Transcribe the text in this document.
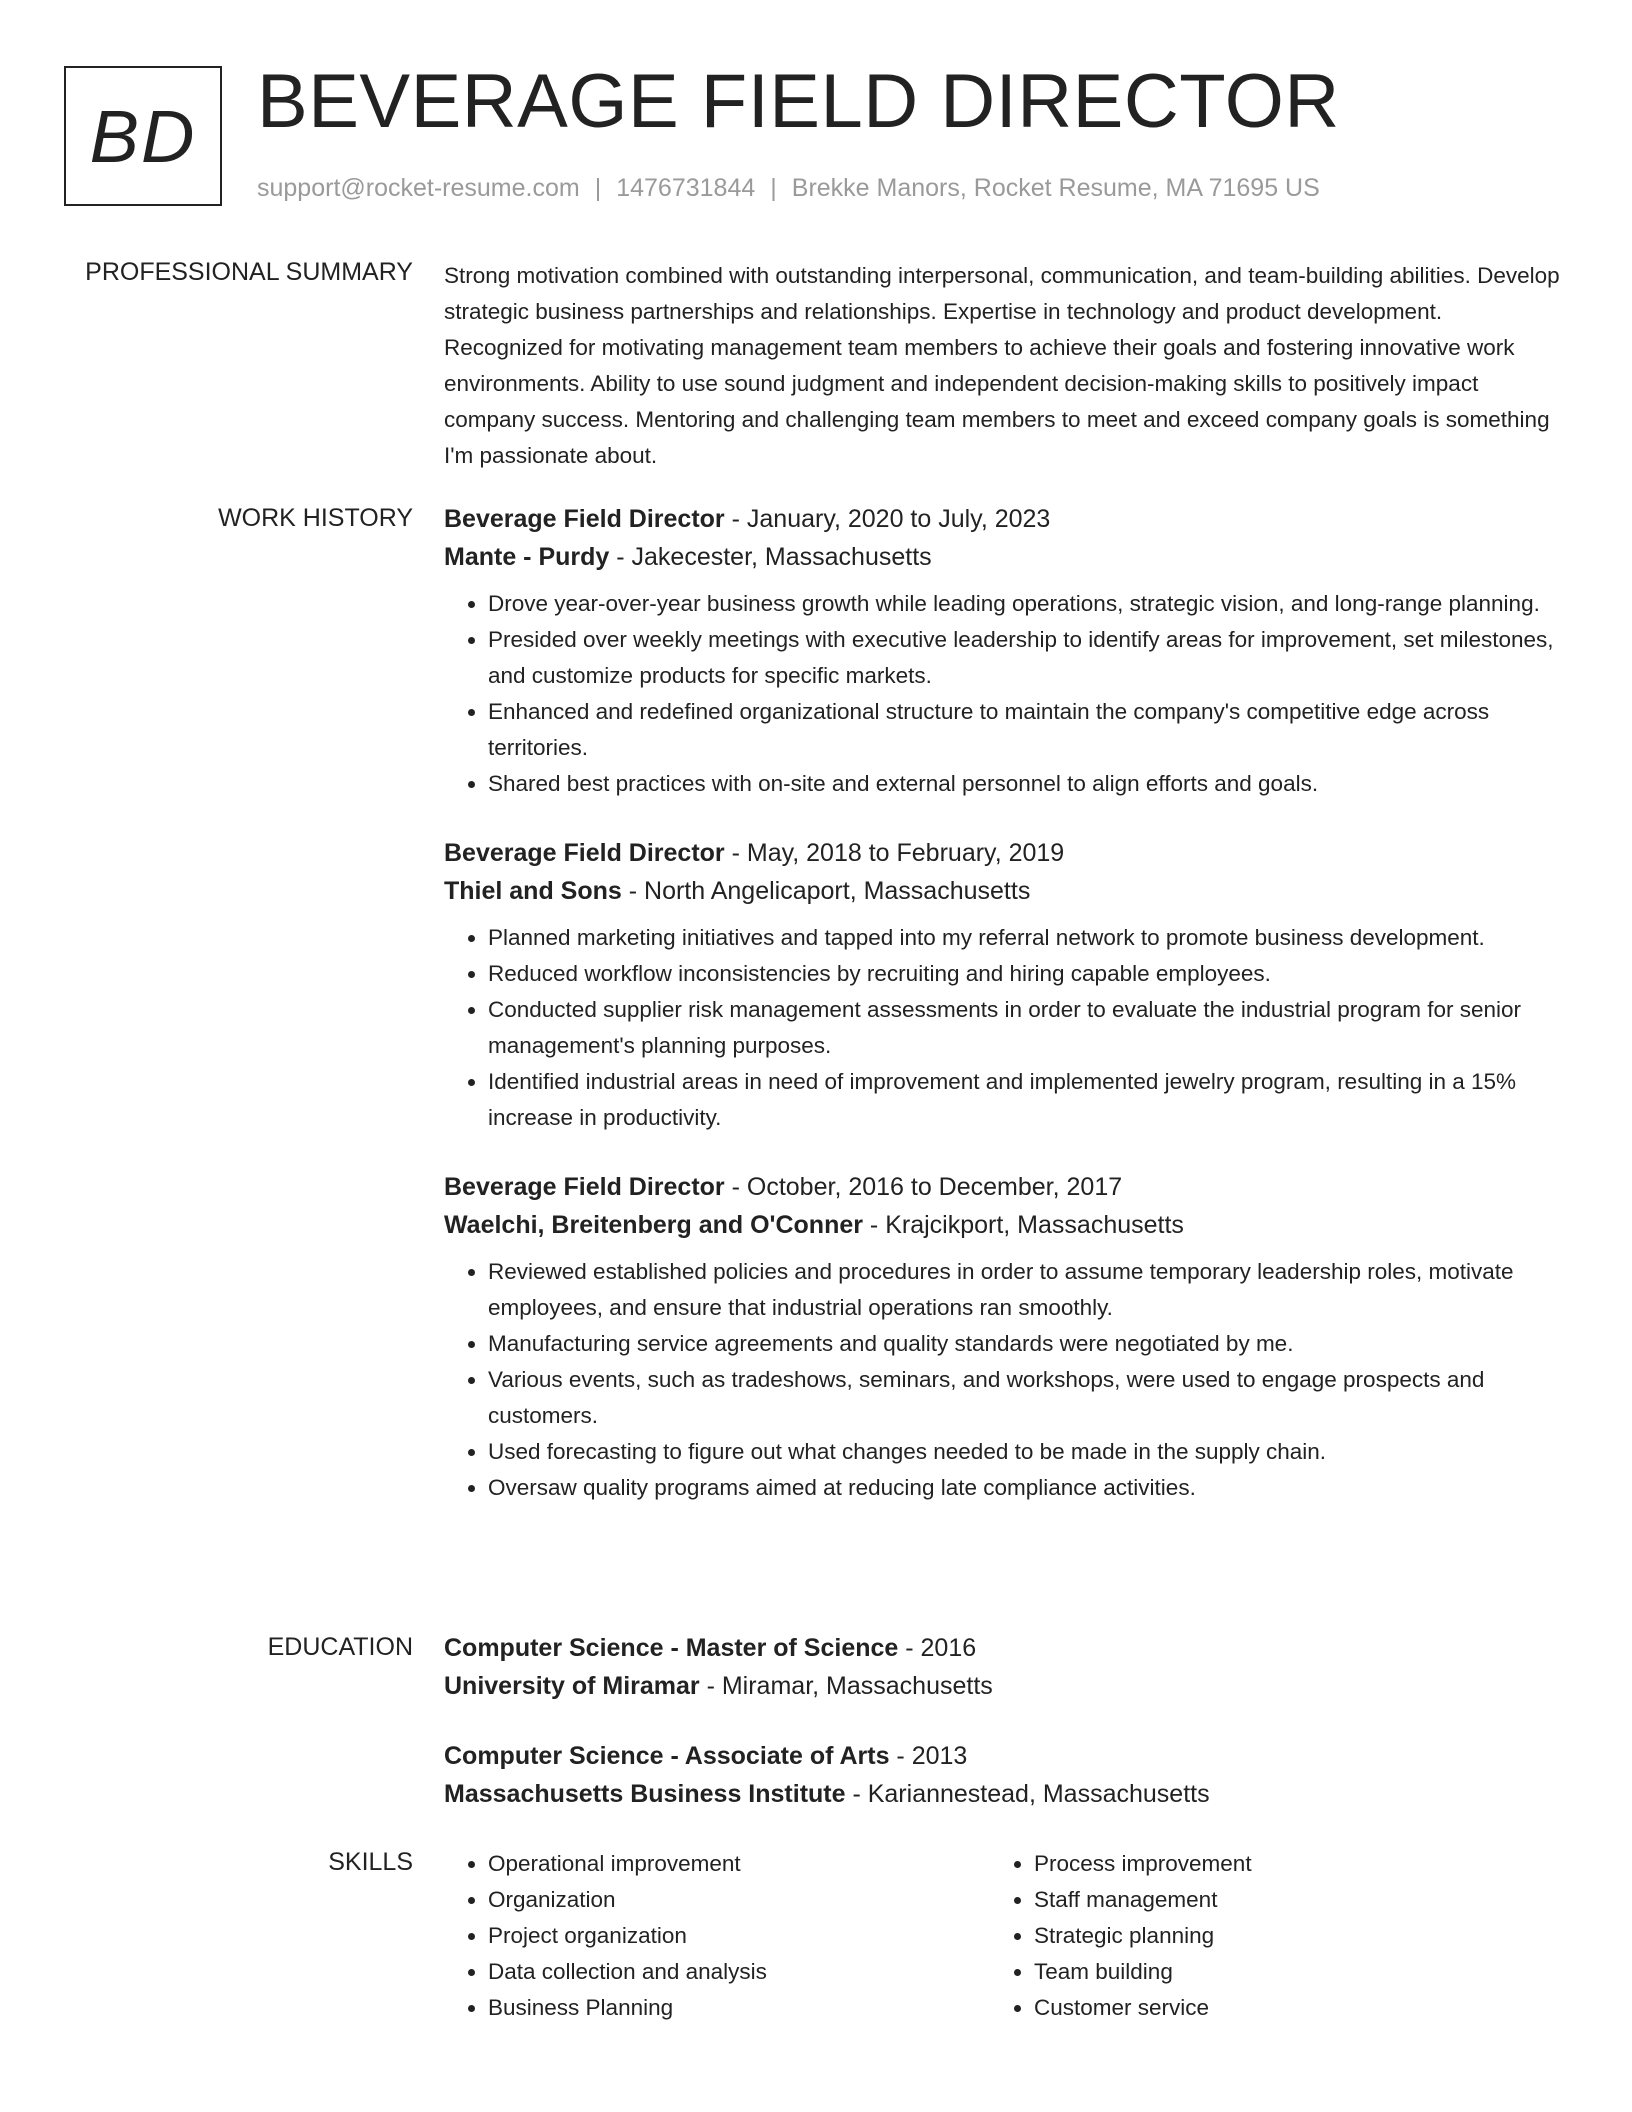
BD BEVERAGE FIELD DIRECTOR
support@rocket-resume.com | 1476731844 | Brekke Manors, Rocket Resume, MA 71695 US
PROFESSIONAL SUMMARY Strong motivation combined with outstanding interpersonal, communication, and team-building abilities. Develop strategic business partnerships and relationships. Expertise in technology and product development. Recognized for motivating management team members to achieve their goals and fostering innovative work environments. Ability to use sound judgment and independent decision-making skills to positively impact company success. Mentoring and challenging team members to meet and exceed company goals is something I'm passionate about.

WORK HISTORY Beverage Field Director - January, 2020 to July, 2023
Mante - Purdy - Jakecester, Massachusetts
• Drove year-over-year business growth while leading operations, strategic vision, and long-range planning.
• Presided over weekly meetings with executive leadership to identify areas for improvement, set milestones, and customize products for specific markets.
• Enhanced and redefined organizational structure to maintain the company's competitive edge across territories.
• Shared best practices with on-site and external personnel to align efforts and goals.
Beverage Field Director - May, 2018 to February, 2019
Thiel and Sons - North Angelicaport, Massachusetts
• Planned marketing initiatives and tapped into my referral network to promote business development.
• Reduced workflow inconsistencies by recruiting and hiring capable employees.
• Conducted supplier risk management assessments in order to evaluate the industrial program for senior management's planning purposes.
• Identified industrial areas in need of improvement and implemented jewelry program, resulting in a 15% increase in productivity.
Beverage Field Director - October, 2016 to December, 2017
Waelchi, Breitenberg and O'Conner - Krajcikport, Massachusetts
• Reviewed established policies and procedures in order to assume temporary leadership roles, motivate employees, and ensure that industrial operations ran smoothly.
• Manufacturing service agreements and quality standards were negotiated by me.
• Various events, such as tradeshows, seminars, and workshops, were used to engage prospects and customers.
• Used forecasting to figure out what changes needed to be made in the supply chain.
• Oversaw quality programs aimed at reducing late compliance activities.
EDUCATION Computer Science - Master of Science - 2016
University of Miramar - Miramar, Massachusetts
Computer Science - Associate of Arts - 2013
Massachusetts Business Institute - Kariannestead, Massachusetts
SKILLS
•	Operational improvement
• Organization
• Project organization
• Data collection and analysis
• Business Planning
• Process improvement
• Staff management
• Strategic planning
• Team building
• Customer service
